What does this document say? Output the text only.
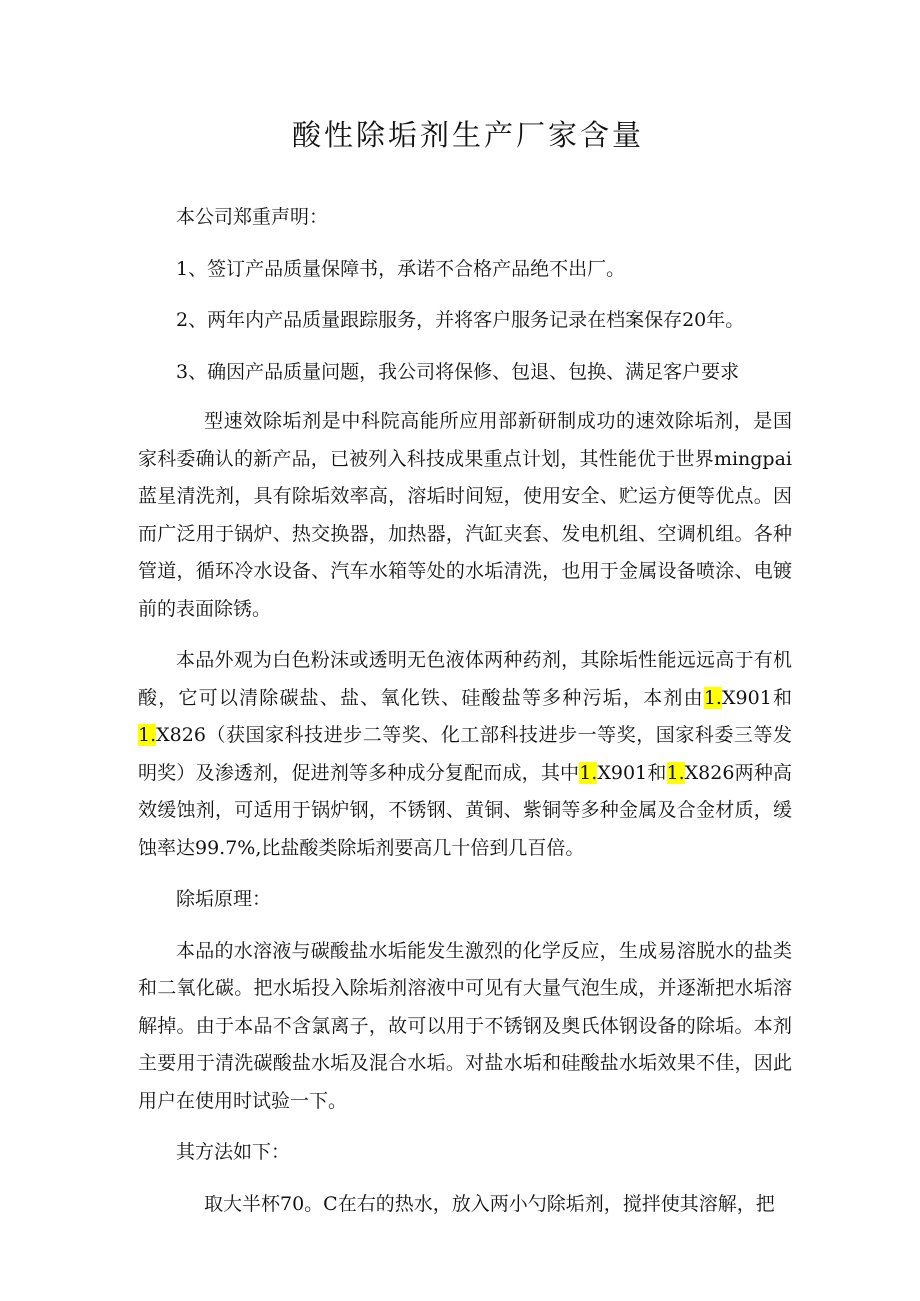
酸性除垢剂生产厂家含量

本公司郑重声明：

1、签订产品质量保障书，承诺不合格产品绝不出厂。

2、两年内产品质量跟踪服务，并将客户服务记录在档案保存20年。

3、确因产品质量问题，我公司将保修、包退、包换、满足客户要求

型速效除垢剂是中科院高能所应用部新研制成功的速效除垢剂，是国家科委确认的新产品，已被列入科技成果重点计划，其性能优于世界mingpai蓝星清洗剂，具有除垢效率高，溶垢时间短，使用安全、贮运方便等优点。因而广泛用于锅炉、热交换器，加热器，汽缸夹套、发电机组、空调机组。各种管道，循环冷水设备、汽车水箱等处的水垢清洗，也用于金属设备喷涂、电镀前的表面除锈。

本品外观为白色粉沫或透明无色液体两种药剂，其除垢性能远远高于有机酸，它可以清除碳盐、盐、氧化铁、硅酸盐等多种污垢，本剂由1.X901和1.X826（获国家科技进步二等奖、化工部科技进步一等奖，国家科委三等发明奖）及渗透剂，促进剂等多种成分复配而成，其中1.X901和1.X826两种高效缓蚀剂，可适用于锅炉钢，不锈钢、黄铜、紫铜等多种金属及合金材质，缓蚀率达99.7%,比盐酸类除垢剂要高几十倍到几百倍。

除垢原理：

本品的水溶液与碳酸盐水垢能发生激烈的化学反应，生成易溶脱水的盐类和二氧化碳。把水垢投入除垢剂溶液中可见有大量气泡生成，并逐渐把水垢溶解掉。由于本品不含氯离子，故可以用于不锈钢及奥氏体钢设备的除垢。本剂主要用于清洗碳酸盐水垢及混合水垢。对盐水垢和硅酸盐水垢效果不佳，因此用户在使用时试验一下。

其方法如下：

取大半杯70。C在右的热水，放入两小勺除垢剂，搅拌使其溶解，把
